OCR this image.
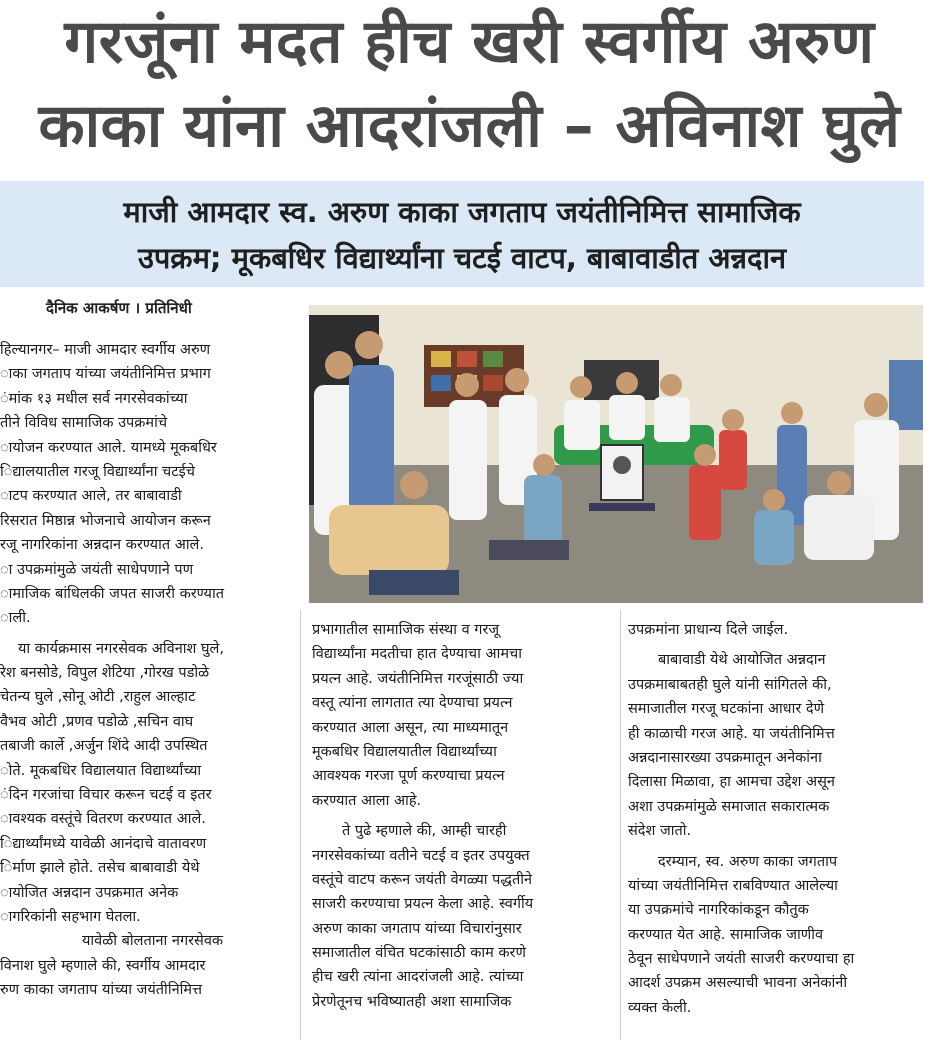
गरजूंना मदत हीच खरी स्वर्गीय अरुण
काका यांना आदरांजली – अविनाश घुले
माजी आमदार स्व. अरुण काका जगताप जयंतीनिमित्त सामाजिक
उपक्रम; मूकबधिर विद्यार्थ्यांना चटई वाटप, बाबावाडीत अन्नदान
दैनिक आकर्षण । प्रतिनिधी
हिल्यानगर– माजी आमदार स्वर्गीय अरुण
ाका जगताप यांच्या जयंतीनिमित्त प्रभाग
ंमांक १३ मधील सर्व नगरसेवकांच्या
तीने विविध सामाजिक उपक्रमांचे
ायोजन करण्यात आले. यामध्ये मूकबधिर
िद्यालयातील गरजू विद्यार्थ्यांना चटईचे
ाटप करण्यात आले, तर बाबावाडी
रिसरात मिष्ठान्न भोजनाचे आयोजन करून
रजू नागरिकांना अन्नदान करण्यात आले.
ा उपक्रमांमुळे जयंती साधेपणाने पण
ामाजिक बांधिलकी जपत साजरी करण्यात
ाली.
या कार्यक्रमास नगरसेवक अविनाश घुले,
रेश बनसोडे, विपुल शेटिया ,गोरख पडोळे
चेतन्य घुले ,सोनू ओटी ,राहुल आल्हाट
वैभव ओटी ,प्रणव पडोळे ,सचिन वाघ
तबाजी कार्ले ,अर्जुन शिंदे आदी उपस्थित
ोते. मूकबधिर विद्यालयात विद्यार्थ्यांच्या
ंदिन गरजांचा विचार करून चटई व इतर
ावश्यक वस्तूंचे वितरण करण्यात आले.
िद्यार्थ्यांमध्ये यावेळी आनंदाचे वातावरण
िर्माण झाले होते. तसेच बाबावाडी येथे
ायोजित अन्नदान उपक्रमात अनेक
ागरिकांनी सहभाग घेतला.
यावेळी बोलताना नगरसेवक
विनाश घुले म्हणाले की, स्वर्गीय आमदार
रुण काका जगताप यांच्या जयंतीनिमित्त
प्रभागातील सामाजिक संस्था व गरजू
विद्यार्थ्यांना मदतीचा हात देण्याचा आमचा
प्रयत्न आहे. जयंतीनिमित्त गरजूंसाठी ज्या
वस्तू त्यांना लागतात त्या देण्याचा प्रयत्न
करण्यात आला असून, त्या माध्यमातून
मूकबधिर विद्यालयातील विद्यार्थ्यांच्या
आवश्यक गरजा पूर्ण करण्याचा प्रयत्न
करण्यात आला आहे.
ते पुढे म्हणाले की, आम्ही चारही
नगरसेवकांच्या वतीने चटई व इतर उपयुक्त
वस्तूंचे वाटप करून जयंती वेगळ्या पद्धतीने
साजरी करण्याचा प्रयत्न केला आहे. स्वर्गीय
अरुण काका जगताप यांच्या विचारांनुसार
समाजातील वंचित घटकांसाठी काम करणे
हीच खरी त्यांना आदरांजली आहे. त्यांच्या
प्रेरणेतूनच भविष्यातही अशा सामाजिक
उपक्रमांना प्राधान्य दिले जाईल.
बाबावाडी येथे आयोजित अन्नदान
उपक्रमाबाबतही घुले यांनी सांगितले की,
समाजातील गरजू घटकांना आधार देणे
ही काळाची गरज आहे. या जयंतीनिमित्त
अन्नदानासारख्या उपक्रमातून अनेकांना
दिलासा मिळावा, हा आमचा उद्देश असून
अशा उपक्रमांमुळे समाजात सकारात्मक
संदेश जातो.
दरम्यान, स्व. अरुण काका जगताप
यांच्या जयंतीनिमित्त राबविण्यात आलेल्या
या उपक्रमांचे नागरिकांकडून कौतुक
करण्यात येत आहे. सामाजिक जाणीव
ठेवून साधेपणाने जयंती साजरी करण्याचा हा
आदर्श उपक्रम असल्याची भावना अनेकांनी
व्यक्त केली.
